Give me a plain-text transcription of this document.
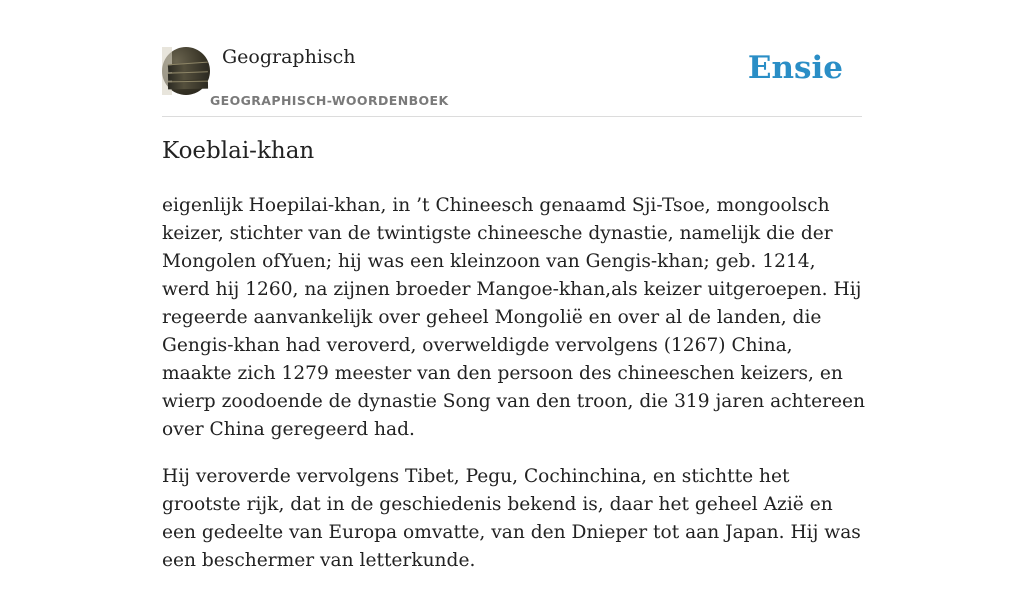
Geographisch
GEOGRAPHISCH-WOORDENBOEK
Ensie
Koeblai-khan

eigenlijk Hoepilai-khan, in ’t Chineesch genaamd Sji-Tsoe, mongoolsch keizer, stichter van de twintigste chineesche dynastie, namelijk die der Mongolen ofYuen; hij was een kleinzoon van Gengis-khan; geb. 1214, werd hij 1260, na zijnen broeder Mangoe-khan,als keizer uitgeroepen. Hij regeerde aanvankelijk over geheel Mongolië en over al de landen, die Gengis-khan had veroverd, overweldigde vervolgens (1267) China, maakte zich 1279 meester van den persoon des chineeschen keizers, en wierp zoodoende de dynastie Song van den troon, die 319 jaren achtereen over China geregeerd had.

Hij veroverde vervolgens Tibet, Pegu, Cochinchina, en stichtte het grootste rijk, dat in de geschiedenis bekend is, daar het geheel Azië en een gedeelte van Europa omvatte, van den Dnieper tot aan Japan. Hij was een beschermer van letterkunde.
